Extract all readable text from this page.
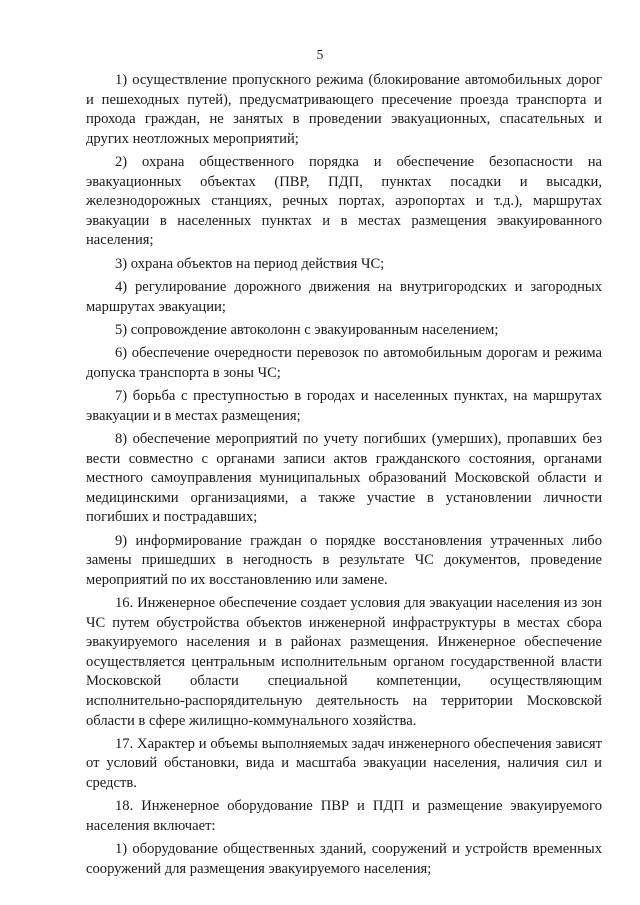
5

1) осуществление пропускного режима (блокирование автомобильных дорог и пешеходных путей), предусматривающего пресечение проезда транспорта и прохода граждан, не занятых в проведении эвакуационных, спасательных и других неотложных мероприятий;

2) охрана общественного порядка и обеспечение безопасности на эвакуационных объектах (ПВР, ПДП, пунктах посадки и высадки, железнодорожных станциях, речных портах, аэропортах и т.д.), маршрутах эвакуации в населенных пунктах и в местах размещения эвакуированного населения;

3) охрана объектов на период действия ЧС;

4) регулирование дорожного движения на внутригородских и загородных маршрутах эвакуации;

5) сопровождение автоколонн с эвакуированным населением;

6) обеспечение очередности перевозок по автомобильным дорогам и режима допуска транспорта в зоны ЧС;

7) борьба с преступностью в городах и населенных пунктах, на маршрутах эвакуации и в местах размещения;

8) обеспечение мероприятий по учету погибших (умерших), пропавших без вести совместно с органами записи актов гражданского состояния, органами местного самоуправления муниципальных образований Московской области и медицинскими организациями, а также участие в установлении личности погибших и пострадавших;

9) информирование граждан о порядке восстановления утраченных либо замены пришедших в негодность в результате ЧС документов, проведение мероприятий по их восстановлению или замене.

16. Инженерное обеспечение создает условия для эвакуации населения из зон ЧС путем обустройства объектов инженерной инфраструктуры в местах сбора эвакуируемого населения и в районах размещения. Инженерное обеспечение осуществляется центральным исполнительным органом государственной власти Московской области специальной компетенции, осуществляющим исполнительно-распорядительную деятельность на территории Московской области в сфере жилищно-коммунального хозяйства.

17. Характер и объемы выполняемых задач инженерного обеспечения зависят от условий обстановки, вида и масштаба эвакуации населения, наличия сил и средств.

18. Инженерное оборудование ПВР и ПДП и размещение эвакуируемого населения включает:

1) оборудование общественных зданий, сооружений и устройств временных сооружений для размещения эвакуируемого населения;
